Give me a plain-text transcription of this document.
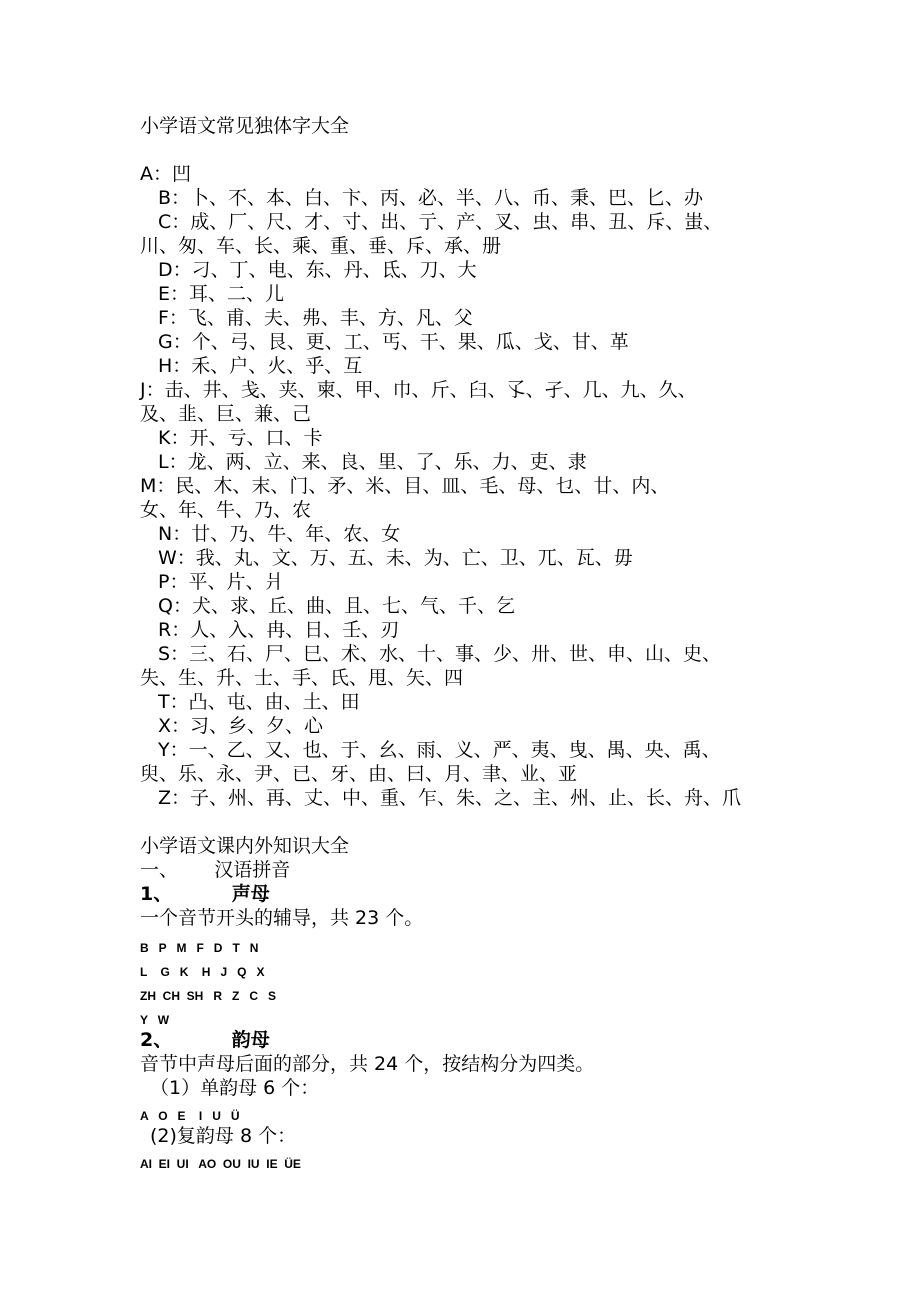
小学语文常见独体字大全
A：凹
B：卜、不、本、白、卞、丙、必、半、八、币、秉、巴、匕、办
C：成、厂、尺、才、寸、出、亍、产、叉、虫、串、丑、斥、蚩、
川、匆、车、长、乘、重、垂、斥、承、册
D：刁、丁、电、东、丹、氐、刀、大
E：耳、二、儿
F：飞、甫、夫、弗、丰、方、凡、父
G：个、弓、艮、更、工、丐、干、果、瓜、戈、甘、革
H：禾、户、火、乎、互
J：击、井、戋、夹、柬、甲、巾、斤、臼、孓、孑、几、九、久、
及、韭、巨、兼、己
K：开、亏、口、卡
L：龙、两、立、来、良、里、了、乐、力、吏、隶
M：民、木、末、门、矛、米、目、皿、毛、母、乜、廿、内、
女、年、牛、乃、农
N：廿、乃、牛、年、农、女
W：我、丸、文、万、五、未、为、亡、卫、兀、瓦、毋
P：平、片、爿
Q：犬、求、丘、曲、且、七、气、千、乞
R：人、入、冉、日、壬、刃
S：三、石、尸、巳、术、水、十、事、少、卅、世、申、山、史、
失、生、升、士、手、氏、甩、矢、四
T：凸、屯、由、土、田
X：习、乡、夕、心
Y：一、乙、又、也、于、幺、雨、义、严、夷、曳、禺、央、禹、
臾、乐、永、尹、已、牙、由、曰、月、聿、业、亚
Z：子、州、再、丈、中、重、乍、朱、之、主、州、止、长、舟、爪
小学语文课内外知识大全
一、      汉语拼音
1、         声母
一个音节开头的辅导，共 23 个。
B   P   M   F   D   T   N
L    G   K    H   J   Q   X
ZH  CH  SH   R   Z   C   S
Y   W
2、         韵母
音节中声母后面的部分，共 24 个，按结构分为四类。
（1）单韵母 6 个：
A   O   E    I   U   Ü
(2)复韵母 8 个：
AI  EI  UI   AO  OU  IU  IE  ÜE
